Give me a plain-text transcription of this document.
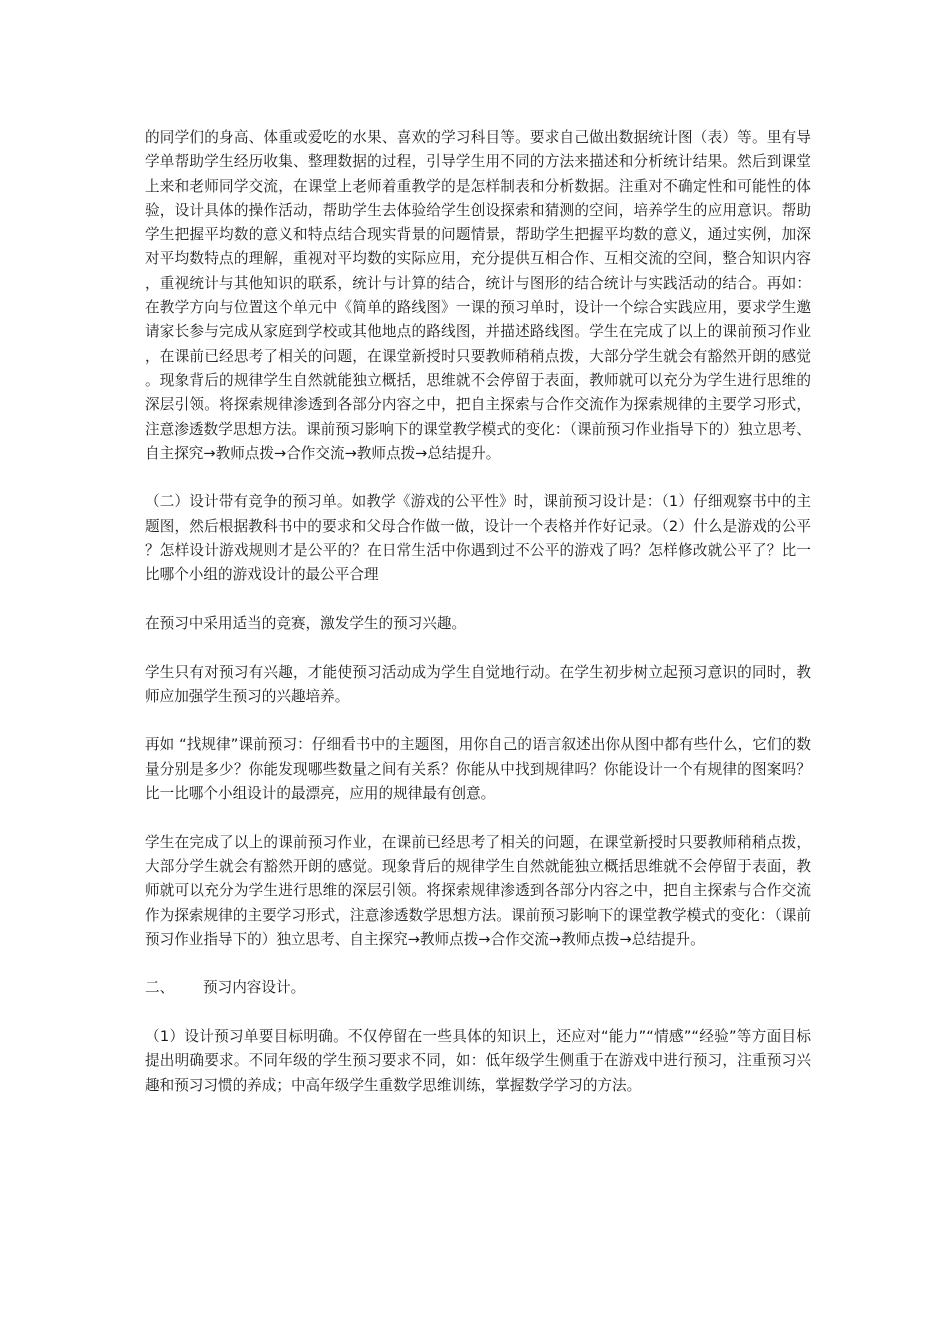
的同学们的身高、体重或爱吃的水果、喜欢的学习科目等。要求自己做出数据统计图（表）等。里有导学单帮助学生经历收集、整理数据的过程，引导学生用不同的方法来描述和分析统计结果。然后到课堂上来和老师同学交流，在课堂上老师着重教学的是怎样制表和分析数据。注重对不确定性和可能性的体验，设计具体的操作活动，帮助学生去体验给学生创设探索和猜测的空间，培养学生的应用意识。帮助学生把握平均数的意义和特点结合现实背景的问题情景，帮助学生把握平均数的意义，通过实例，加深对平均数特点的理解，重视对平均数的实际应用，充分提供互相合作、互相交流的空间，整合知识内容，重视统计与其他知识的联系，统计与计算的结合，统计与图形的结合统计与实践活动的结合。再如：在教学方向与位置这个单元中《简单的路线图》一课的预习单时，设计一个综合实践应用，要求学生邀请家长参与完成从家庭到学校或其他地点的路线图，并描述路线图。学生在完成了以上的课前预习作业，在课前已经思考了相关的问题，在课堂新授时只要教师稍稍点拨，大部分学生就会有豁然开朗的感觉。现象背后的规律学生自然就能独立概括，思维就不会停留于表面，教师就可以充分为学生进行思维的深层引领。将探索规律渗透到各部分内容之中，把自主探索与合作交流作为探索规律的主要学习形式，注意渗透数学思想方法。课前预习影响下的课堂教学模式的变化：（课前预习作业指导下的）独立思考、自主探究→教师点拨→合作交流→教师点拨→总结提升。

（二）设计带有竞争的预习单。如教学《游戏的公平性》时，课前预习设计是：（1）仔细观察书中的主题图，然后根据教科书中的要求和父母合作做一做，设计一个表格并作好记录。（2）什么是游戏的公平？怎样设计游戏规则才是公平的？在日常生活中你遇到过不公平的游戏了吗？怎样修改就公平了？比一比哪个小组的游戏设计的最公平合理

在预习中采用适当的竞赛，激发学生的预习兴趣。

学生只有对预习有兴趣，才能使预习活动成为学生自觉地行动。在学生初步树立起预习意识的同时，教师应加强学生预习的兴趣培养。

再如 “找规律”课前预习：仔细看书中的主题图，用你自己的语言叙述出你从图中都有些什么，它们的数量分别是多少？你能发现哪些数量之间有关系？你能从中找到规律吗？你能设计一个有规律的图案吗？比一比哪个小组设计的最漂亮，应用的规律最有创意。

学生在完成了以上的课前预习作业，在课前已经思考了相关的问题，在课堂新授时只要教师稍稍点拨，大部分学生就会有豁然开朗的感觉。现象背后的规律学生自然就能独立概括思维就不会停留于表面，教师就可以充分为学生进行思维的深层引领。将探索规律渗透到各部分内容之中，把自主探索与合作交流作为探索规律的主要学习形式，注意渗透数学思想方法。课前预习影响下的课堂教学模式的变化：（课前预习作业指导下的）独立思考、自主探究→教师点拨→合作交流→教师点拨→总结提升。

二、 预习内容设计。

（1）设计预习单要目标明确。不仅停留在一些具体的知识上，还应对“能力”“情感”“经验”等方面目标提出明确要求。不同年级的学生预习要求不同，如：低年级学生侧重于在游戏中进行预习，注重预习兴趣和预习习惯的养成；中高年级学生重数学思维训练，掌握数学学习的方法。
